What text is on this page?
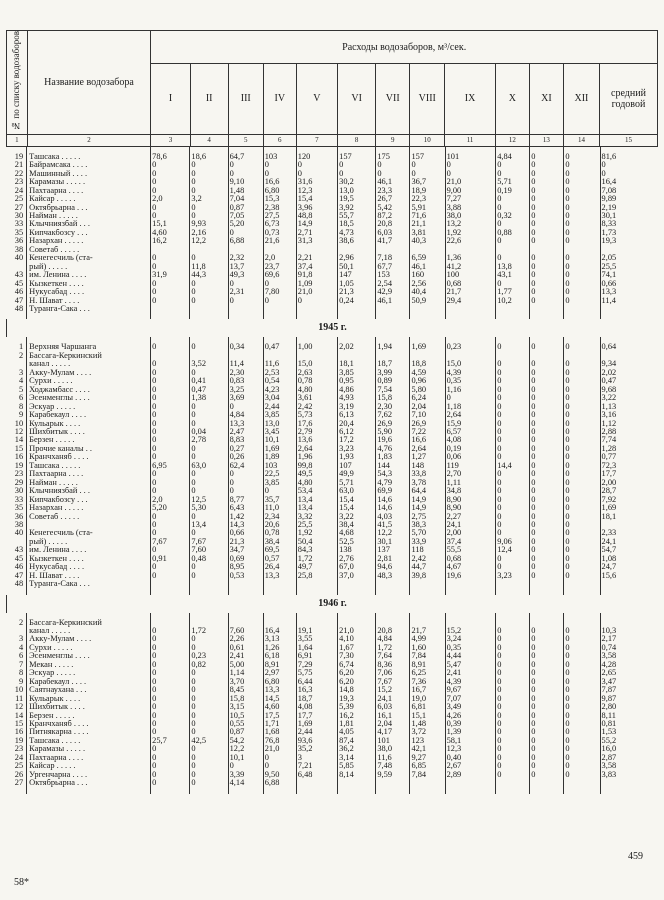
№ по списку водозаборов	Название водозабора	Расходы водозаборов, м³/сек.												
		I	II	III	IV	V	VI	VII	VIII	IX	X	XI	XII	средний годовой
1	2	3	4	5	6	7	8	9	10	11	12	13	14	15

19	Ташсака . . . . .	78,6	18,6	64,7	103	120	157	175	157	101	4,84	0	0	81,6
21	Байрамсака . . . .	0	0	0	0	0	0	0	0	0	0	0	0	0
22	Машинный . . . .	0	0	0	0	0	0	0	0	0	0	0	0	0
23	Карамазы . . . . .	0	0	9,10	16,6	31,6	30,2	46,1	36,7	21,0	5,71	0	0	16,4
24	Пахтаарна . . . .	0	0	1,48	6,80	12,3	13,0	23,3	18,9	9,00	0,19	0	0	7,08
25	Кайсар . . . . .	2,0	3,2	7,04	15,3	15,4	19,5	26,7	22,3	7,27	0	0	0	9,89
27	Октябрьарна . . .	0	0	0,87	2,38	3,96	3,92	5,42	5,91	3,88	0	0	0	2,19
30	Найман . . . . .	0	0	7,05	27,5	48,8	55,7	87,2	71,6	38,0	0,32	0	0	30,1
33	Клычниязбай . . .	15,1	9,93	5,20	6,73	14,9	18,5	20,8	21,1	13,2	0	0	0	8,33
35	Кипчакбозсу . . .	4,60	2,16	0	0,73	2,71	4,73	6,03	3,81	1,92	0,88	0	0	1,73
36	Назархан . . . . .	16,2	12,2	6,88	21,6	31,3	38,6	41,7	40,3	22,6	0	0	0	19,3
38	Советаб . . . . .													
40	Кенегесчиль (ста-	0	0	2,32	2,0	2,21	2,96	7,18	6,59	1,36	0	0	0	2,05
	рый) . . . . .	0	11,8	13,7	23,7	37,4	50,1	67,7	46,1	41,2	13,8	0	0	25,5
43	им. Ленина . . . .	31,9	44,3	49,3	69,6	91,8	147	153	160	100	43,1	0	0	74,1
45	Кызкеткен . . . .	0	0	0	0	1,09	1,05	2,54	2,56	0,68	0	0	0	0,66
46	Нукусабад . . . .	0	0	2,31	7,80	21,0	21,3	42,9	40,4	21,7	1,77	0	0	13,3
47	Н. Шават . . . .	0	0	0	0	0	0,24	46,1	50,9	29,4	10,2	0	0	11,4
48	Туранга-Сака . . .													

1945 г.

1	Верхняя Чаршанга	0	0	0,34	0,47	1,00	2,02	1,94	1,69	0,23	0	0	0	0,64
2	Бассага-Керкинский													
	канал . . . . .	0	3,52	11,4	11,6	15,0	18,1	18,7	18,8	15,0	0	0	0	9,34
3	Акку-Мулам . . . .	0	0	2,30	2,53	2,63	3,85	3,99	4,59	4,39	0	0	0	2,02
4	Сурхи . . . . .	0	0,41	0,83	0,54	0,78	0,95	0,89	0,96	0,35	0	0	0	0,47
5	Ходжамбасс . . . .	0	0,47	3,25	4,23	4,80	4,86	7,54	5,80	1,16	0	0	0	9,68
6	Эсенменглы . . . .	0	1,38	3,69	3,04	3,61	4,93	15,8	6,24	0	0	0	0	3,22
8	Эскуар . . . . .	0	0	0	2,44	2,42	3,19	2,30	2,04	1,18	0	0	0	1,13
9	Карабекаул . . . .	0	0	4,84	3,85	5,73	6,13	7,62	7,10	2,64	0	0	0	3,16
10	Кульарык . . . .	0	0	13,3	13,0	17,6	20,4	26,9	26,9	15,9	0	0	0	1,12
12	Шихбитык . . . .	0	0,04	2,47	3,45	2,79	6,12	5,90	7,22	6,57	0	0	0	2,88
14	Берзен . . . . .	0	2,78	8,83	10,1	13,6	17,2	19,6	16,6	4,08	0	0	0	7,74
15	Прочие каналы . .	0	0	0,27	1,69	2,64	3,23	4,76	2,64	0,19	0	0	0	1,28
16	Кранчханяб . . . .	0	0	0,26	1,89	1,96	1,93	1,83	1,27	0,06	0	0	0	0,77
19	Ташсака . . . . .	6,95	63,0	62,4	103	99,8	107	144	148	119	14,4	0	0	72,3
23	Пахтаарна . . . .	0	0	0	22,5	49,5	49,9	54,3	33,8	2,70	0	0	0	17,7
29	Найман . . . . .	0	0	0	3,85	4,80	5,71	4,79	3,78	1,11	0	0	0	2,00
30	Клычниязбай . . .	0	0	0	0	53,4	63,0	69,9	64,4	34,8	0	0	0	28,7
33	Кипчакбозсу . . .	2,0	12,5	8,77	35,7	13,4	15,4	14,6	14,9	8,90	0	0	0	7,92
35	Назархан . . . . .	5,20	5,30	6,43	11,0	13,4	15,4	14,6	14,9	8,90	0	0	0	1,69
36	Советаб . . . . .	0	0	1,42	2,34	3,32	3,22	4,03	2,75	2,27	0	0	0	18,1
38		0	13,4	14,3	20,6	25,5	38,4	41,5	38,3	24,1	0	0	0	
40	Кенегесчиль (ста-	0	0	0,66	0,78	1,92	4,68	12,2	5,70	2,00	0	0	0	2,33
	рый) . . . . .	7,67	7,67	21,3	38,4	50,4	52,5	30,1	33,9	37,4	9,06	0	0	24,1
43	им. Ленина . . . .	0	7,60	34,7	69,5	84,3	138	137	118	55,5	12,4	0	0	54,7
45	Кызкеткен . . . .	0,91	0,48	0,69	0,57	1,72	2,76	2,81	2,42	0,68	0	0	0	1,08
46	Нукусабад . . . .	0	0	8,95	26,4	49,7	67,0	94,6	44,7	4,67	0	0	0	24,7
47	Н. Шават . . . .	0	0	0,53	13,3	25,8	37,0	48,3	39,8	19,6	3,23	0	0	15,6
48	Туранга-Сака . . .													

1946 г.

2	Бассага-Керкинский													
	канал . . . . .	0	1,72	7,60	16,4	19,1	21,0	20,8	21,7	15,2	0	0	0	10,3
3	Акку-Мулам . . . .	0	0	2,26	3,13	3,55	4,10	4,84	4,99	3,24	0	0	0	2,17
4	Сурхи . . . . .	0	0	0,61	1,26	1,64	1,67	1,72	1,60	0,35	0	0	0	0,74
6	Эсенменглы . . . .	0	0,23	2,41	6,18	6,91	7,30	7,64	7,84	4,44	0	0	0	3,58
7	Мекан . . . . .	0	0,82	5,00	8,91	7,29	6,74	8,36	8,91	5,47	0	0	0	4,28
8	Эскуар . . . . .	0	0	1,14	2,97	5,75	6,20	7,06	6,25	2,41	0	0	0	2,65
9	Карабекаул . . . .	0	0	3,70	6,80	6,44	6,20	7,67	7,36	4,39	0	0	0	3,47
10	Саятнаухана . . .	0	0	8,45	13,3	16,3	14,8	15,2	16,7	9,67	0	0	0	7,87
11	Кульарык . . . .	0	0	15,8	14,5	18,7	19,3	24,1	19,0	7,07	0	0	0	9,87
12	Шихбитык . . . .	0	0	3,15	4,60	4,08	5,39	6,03	6,81	3,49	0	0	0	2,80
14	Берзен . . . . .	0	0	10,5	17,5	17,7	16,2	16,1	15,1	4,26	0	0	0	8,11
15	Кранчханяб . . . .	0	0	0,55	1,71	1,69	1,81	2,04	1,48	0,39	0	0	0	0,81
16	Питнякарна . . . .	0	0	0,87	1,68	2,44	4,05	4,17	3,72	1,39	0	0	0	1,53
19	Ташсака . . . . .	25,7	42,5	54,2	76,8	93,6	87,4	101	123	58,1	0	0	0	55,2
23	Карамазы . . . . .	0	0	12,2	21,0	35,2	36,2	38,0	42,1	12,3	0	0	0	16,0
24	Пахтаарна . . . .	0	0	10,1	0	3	3,14	11,6	9,27	0,40	0	0	0	2,87
25	Кайсар . . . . .	0	0	0	0	7,21	5,85	7,48	6,85	2,67	0	0	0	3,58
26	Ургенчарна . . . .	0	0	3,39	9,50	6,48	8,14	9,59	7,84	2,89	0	0	0	3,83
27	Октябрьарна . . .	0	0	4,14	6,88									

58*
459
